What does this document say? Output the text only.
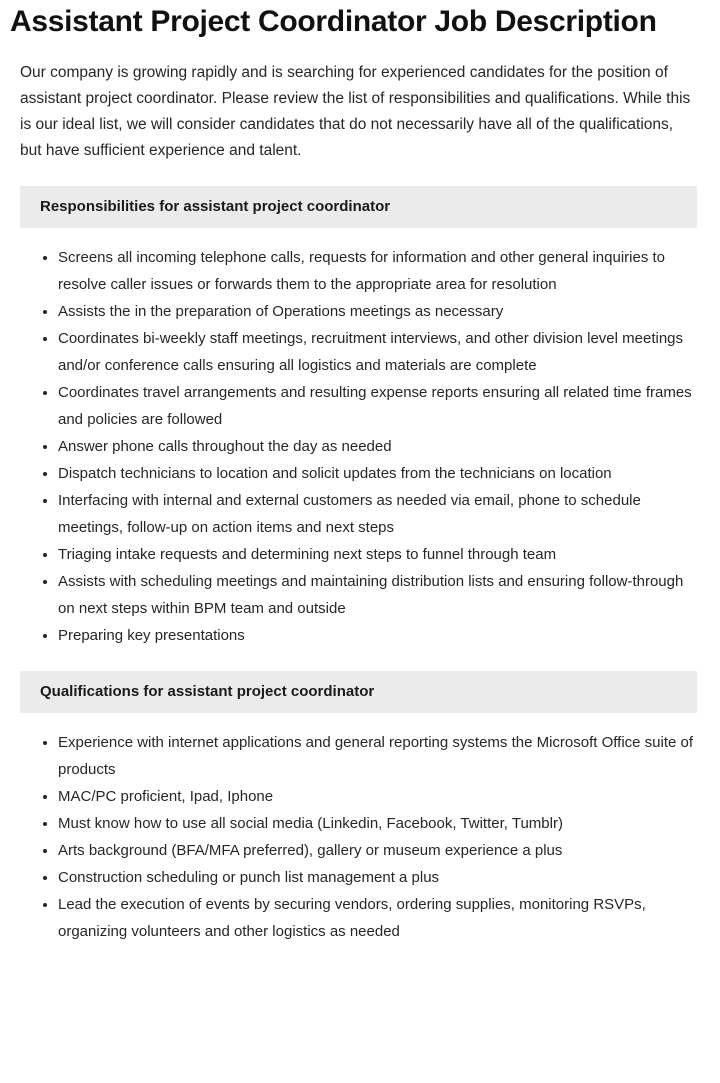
Assistant Project Coordinator Job Description

Our company is growing rapidly and is searching for experienced candidates for the position of assistant project coordinator. Please review the list of responsibilities and qualifications. While this is our ideal list, we will consider candidates that do not necessarily have all of the qualifications, but have sufficient experience and talent.

Responsibilities for assistant project coordinator
Screens all incoming telephone calls, requests for information and other general inquiries to resolve caller issues or forwards them to the appropriate area for resolution
Assists the in the preparation of Operations meetings as necessary
Coordinates bi-weekly staff meetings, recruitment interviews, and other division level meetings and/or conference calls ensuring all logistics and materials are complete
Coordinates travel arrangements and resulting expense reports ensuring all related time frames and policies are followed
Answer phone calls throughout the day as needed
Dispatch technicians to location and solicit updates from the technicians on location
Interfacing with internal and external customers as needed via email, phone to schedule meetings, follow-up on action items and next steps
Triaging intake requests and determining next steps to funnel through team
Assists with scheduling meetings and maintaining distribution lists and ensuring follow-through on next steps within BPM team and outside
Preparing key presentations
Qualifications for assistant project coordinator
Experience with internet applications and general reporting systems the Microsoft Office suite of products
MAC/PC proficient, Ipad, Iphone
Must know how to use all social media (Linkedin, Facebook, Twitter, Tumblr)
Arts background (BFA/MFA preferred), gallery or museum experience a plus
Construction scheduling or punch list management a plus
Lead the execution of events by securing vendors, ordering supplies, monitoring RSVPs, organizing volunteers and other logistics as needed
